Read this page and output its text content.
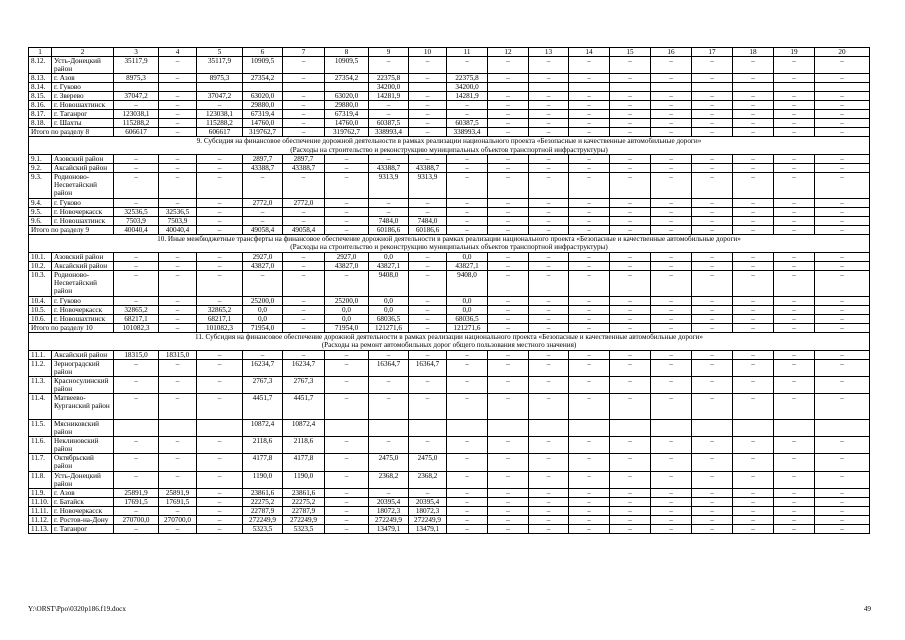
1	2	3	4	5	6	7	8	9	10	11	12	13	14	15	16	17	18	19	20
8.12.	Усть-Донецкий район	35117,9	–	35117,9	10909,5	–	10909,5	–	–	–	–	–	–	–	–	–	–	–	–
8.13.	г. Азов	8975,3	–	8975,3	27354,2	–	27354,2	22375,8	–	22375,8	–	–	–	–	–	–	–	–	–
8.14.	г. Гуково							34200,0		34200,0									
8.15.	г. Зверево	37047,2	–	37047,2	63020,0	–	63020,0	14281,9	–	14281,9	–	–	–	–	–	–	–	–	–
8.16.	г. Новошахтинск	–	–	–	29880,0	–	29880,0	–	–	–	–	–	–	–	–	–	–	–	–
8.17.	г. Таганрог	123038,1	–	123038,1	67319,4	–	67319,4	–	–	–	–	–	–	–	–	–	–	–	–
8.18.	г. Шахты	115288,2	–	115288,2	14760,0	–	14760,0	60387,5	–	60387,5	–	–	–	–	–	–	–	–	–
Итого по разделу 8		606617	–	606617	319762,7	–	319762,7	338993,4	–	338993,4	–	–	–	–	–	–	–	–	–

9. Субсидия на финансовое обеспечение дорожной деятельности в рамках реализации национального проекта «Безопасные и качественные автомобильные дороги»
(Расходы на строительство и реконструкцию муниципальных объектов транспортной инфраструктуры)																			

9.1.	Азовский район	–	–	–	2897,7	2897,7	–	–	–	–	–	–	–	–	–	–	–	–	–
9.2.	Аксайский район	–	–	–	43388,7	43388,7	–	43388,7	43388,7	–	–	–	–	–	–	–	–	–	–
9.3.	Родионово-Несветайский район	–	–	–	–	–	–	9313,9	9313,9	–	–	–	–	–	–	–	–	–	–
9.4.	г. Гуково	–	–	–	2772,0	2772,0	–	–	–	–	–	–	–	–	–	–	–	–	–
9.5.	г. Новочеркасск	32536,5	32536,5	–	–	–	–	–	–	–	–	–	–	–	–	–	–	–	–
9.6.	г. Новошахтинск	7503,9	7503,9	–	–	–	–	7484,0	7484,0	–	–	–	–	–	–	–	–	–	–
Итого по разделу 9		40040,4	40040,4	–	49058,4	49058,4	–	60186,6	60186,6	–	–	–	–	–	–	–	–	–	–

10. Иные межбюджетные трансферты на финансовое обеспечение дорожной деятельности в рамках реализации национального проекта «Безопасные и качественные автомобильные дороги»
(Расходы на строительство и реконструкцию муниципальных объектов транспортной инфраструктуры)																			

10.1.	Азовский район	–	–	–	2927,0	–	2927,0	0,0	–	0,0	–	–	–	–	–	–	–	–	–
10.2.	Аксайский район	–	–	–	43827,0	–	43827,0	43827,1	–	43827,1	–	–	–	–	–	–	–	–	–
10.3.	Родионово-Несветайский район	–	–	–	–	–	–	9408,0	–	9408,0	–	–	–	–	–	–	–	–	–
10.4.	г. Гуково	–	–	–	25200,0	–	25200,0	0,0	–	0,0	–	–	–	–	–	–	–	–	–
10.5.	г. Новочеркасск	32865,2	–	32865,2	0,0	–	0,0	0,0	–	0,0	–	–	–	–	–	–	–	–	–
10.6.	г. Новошахтинск	68217,1	–	68217,1	0,0	–	0,0	68036,5	–	68036,5	–	–	–	–	–	–	–	–	–
Итого по разделу 10		101082,3	–	101082,3	71954,0	–	71954,0	121271,6	–	121271,6	–	–	–	–	–	–	–	–	–

11. Субсидия на финансовое обеспечение дорожной деятельности в рамках реализации национального проекта «Безопасные и качественные автомобильные дороги»
(Расходы на ремонт автомобильных дорог общего пользования местного значения)																			

11.1.	Аксайский район	18315,0	18315,0	–	–	–	–	–	–	–	–	–	–	–	–	–	–	–	–
11.2.	Зерноградский район	–	–	–	16234,7	16234,7	–	16364,7	16364,7	–	–	–	–	–	–	–	–	–	–
11.3.	Красносулинский район	–	–	–	2767,3	2767,3	–	–	–	–	–	–	–	–	–	–	–	–	–
11.4.	Матвеево-Курганский район	–	–	–	4451,7	4451,7	–	–	–	–	–	–	–	–	–	–	–	–	–
11.5.	Мясниковский район				10872,4	10872,4													
11.6.	Неклиновский район	–	–	–	2118,6	2118,6	–	–	–	–	–	–	–	–	–	–	–	–	–
11.7.	Октябрьский район	–	–	–	4177,8	4177,8	–	2475,0	2475,0	–	–	–	–	–	–	–	–	–	–
11.8.	Усть-Донецкий район	–	–	–	1190,0	1190,0	–	2368,2	2368,2	–	–	–	–	–	–	–	–	–	–
11.9.	г. Азов	25891,9	25891,9	–	23861,6	23861,6	–	–	–	–	–	–	–	–	–	–	–	–	–
11.10.	г. Батайск	17691,5	17691,5	–	22275,2	22275,2	–	20395,4	20395,4	–	–	–	–	–	–	–	–	–	–
11.11.	г. Новочеркасск	–	–	–	22787,9	22787,9	–	18072,3	18072,3	–	–	–	–	–	–	–	–	–	–
11.12.	г. Ростов-на-Дону	270700,0	270700,0	–	272249,9	272249,9	–	272249,9	272249,9	–	–	–	–	–	–	–	–	–	–
11.13.	г. Таганрог	–	–	–	5323,5	5323,5	–	13479,1	13479,1	–	–	–	–	–	–	–	–	–	–
Y:\ORST\Ppo\0320p186.f19.docx	49
